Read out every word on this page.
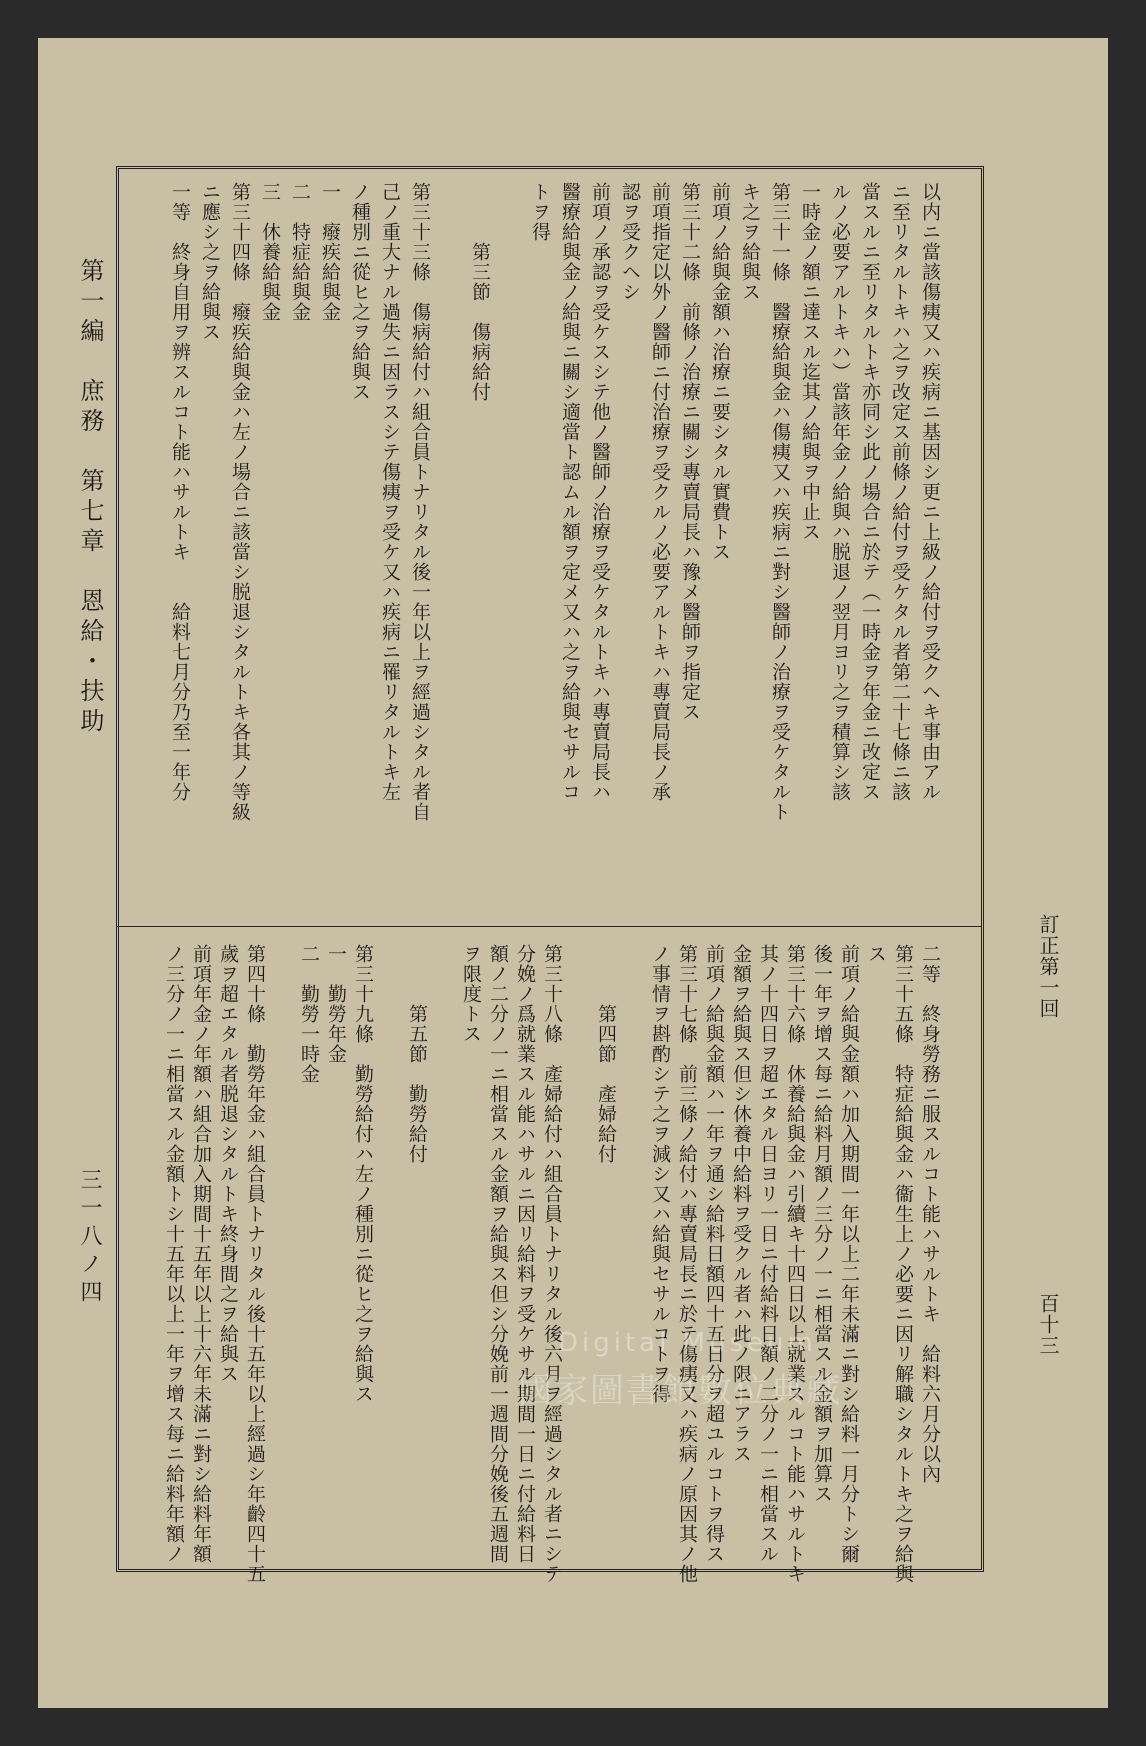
以内ニ當該傷痍又ハ疾病ニ基因シ更ニ上級ノ給付ヲ受クヘキ事由アル
ニ至リタルトキハ之ヲ改定ス前條ノ給付ヲ受ケタル者第二十七條ニ該
當スルニ至リタルトキ亦同シ此ノ場合ニ於テ（一時金ヲ年金ニ改定ス
ルノ必要アルトキハ）當該年金ノ給與ハ脱退ノ翌月ヨリ之ヲ積算シ該
一時金ノ額ニ達スル迄其ノ給與ヲ中止ス
第三十一條　醫療給與金ハ傷痍又ハ疾病ニ對シ醫師ノ治療ヲ受ケタルト
キ之ヲ給與ス
前項ノ給與金額ハ治療ニ要シタル實費トス
第三十二條　前條ノ治療ニ關シ專賣局長ハ豫メ醫師ヲ指定ス
前項指定以外ノ醫師ニ付治療ヲ受クルノ必要アルトキハ專賣局長ノ承
認ヲ受クヘシ
前項ノ承認ヲ受ケスシテ他ノ醫師ノ治療ヲ受ケタルトキハ專賣局長ハ
醫療給與金ノ給與ニ關シ適當ト認ムル額ヲ定メ又ハ之ヲ給與セサルコ
トヲ得
　　　第三節　傷病給付
第三十三條　傷病給付ハ組合員トナリタル後一年以上ヲ經過シタル者自
己ノ重大ナル過失ニ因ラスシテ傷痍ヲ受ケ又ハ疾病ニ罹リタルトキ左
ノ種別ニ從ヒ之ヲ給與ス
一　癈疾給與金
二　特症給與金
三　休養給與金
第三十四條　癈疾給與金ハ左ノ場合ニ該當シ脱退シタルトキ各其ノ等級
ニ應シ之ヲ給與ス
一等　終身自用ヲ辨スルコト能ハサルトキ　　給料七月分乃至一年分
二等　終身勞務ニ服スルコト能ハサルトキ　給料六月分以內
第三十五條　特症給與金ハ衞生上ノ必要ニ因リ解職シタルトキ之ヲ給與
ス
前項ノ給與金額ハ加入期間一年以上二年未滿ニ對シ給料一月分トシ爾
後一年ヲ增ス每ニ給料月額ノ三分ノ一ニ相當スル金額ヲ加算ス
第三十六條　休養給與金ハ引續キ十四日以上就業スルコト能ハサルトキ
其ノ十四日ヲ超エタル日ヨリ一日ニ付給料日額ノ二分ノ一ニ相當スル
金額ヲ給與ス但シ休養中給料ヲ受クル者ハ此ノ限ニアラス
前項ノ給與金額ハ一年ヲ通シ給料日額四十五日分ヲ超ユルコトヲ得ス
第三十七條　前三條ノ給付ハ專賣局長ニ於テ傷痍又ハ疾病ノ原因其ノ他
ノ事情ヲ斟酌シテ之ヲ減シ又ハ給與セサルコトヲ得
　　　第四節　產婦給付
第三十八條　產婦給付ハ組合員トナリタル後六月ヲ經過シタル者ニシテ
分娩ノ爲就業スル能ハサルニ因リ給料ヲ受ケサル期間一日ニ付給料日
額ノ二分ノ一ニ相當スル金額ヲ給與ス但シ分娩前一週間分娩後五週間
ヲ限度トス
　　　第五節　勤勞給付
第三十九條　勤勞給付ハ左ノ種別ニ從ヒ之ヲ給與ス
一　勤勞年金
二　勤勞一時金
第四十條　勤勞年金ハ組合員トナリタル後十五年以上經過シ年齡四十五
歲ヲ超エタル者脱退シタルトキ終身間之ヲ給與ス
前項年金ノ年額ハ組合加入期間十五年以上十六年未滿ニ對シ給料年額
ノ三分ノ一ニ相當スル金額トシ十五年以上一年ヲ增ス每ニ給料年額ノ	訂正第一回
百十三
第一編　庶務　第七章　恩給・扶助
三一八ノ四
Digital Museum
國家圖書館數位典藏
